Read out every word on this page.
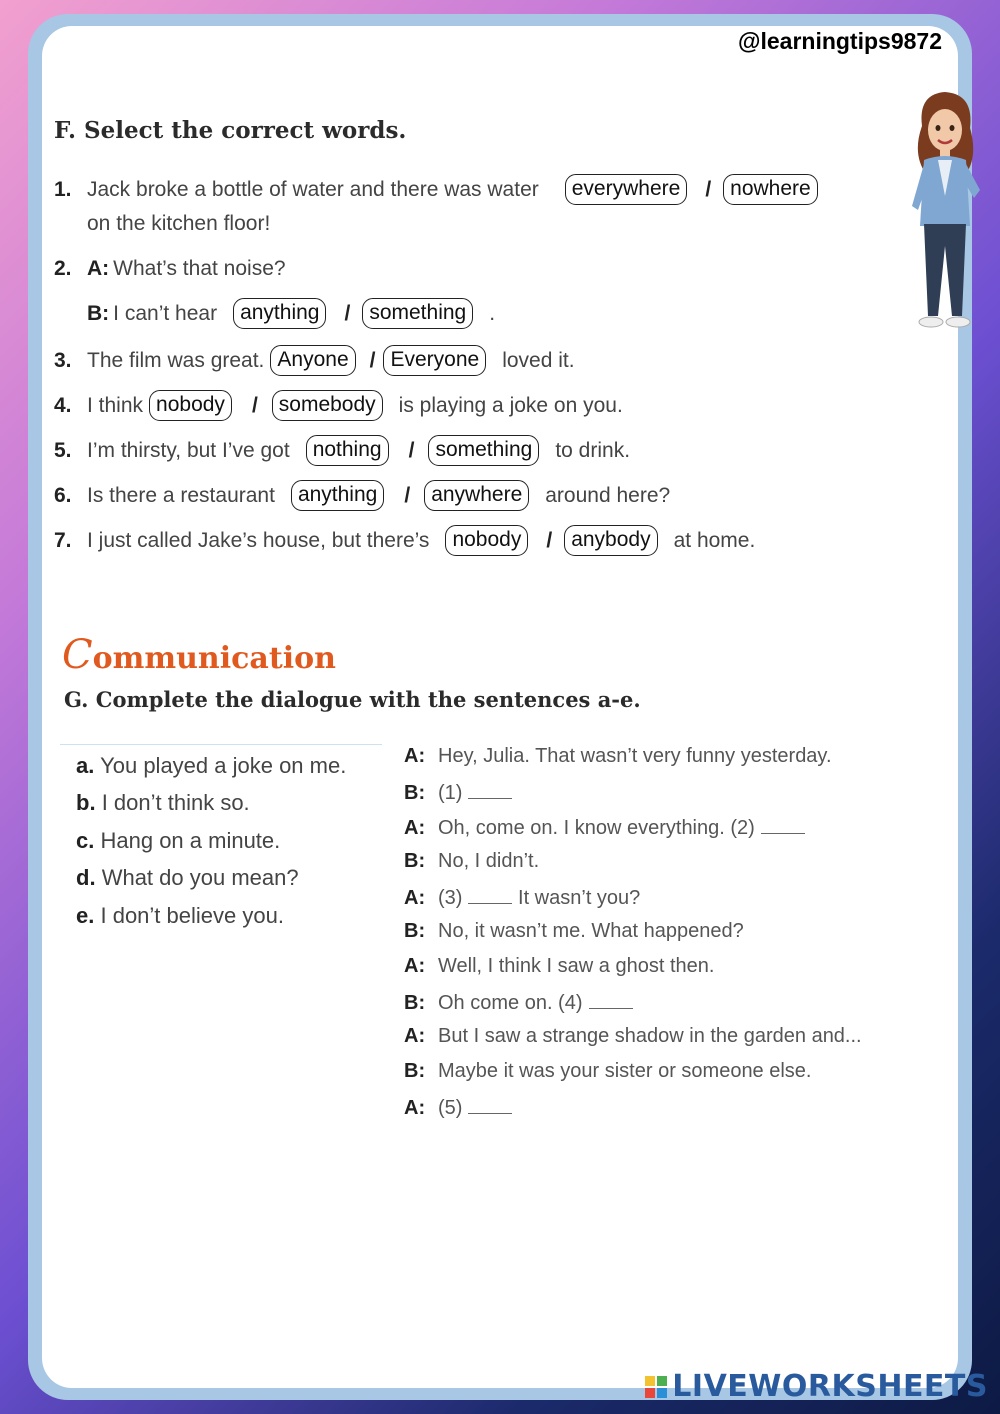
@learningtips9872
F. Select the correct words.
1. Jack broke a bottle of water and there was water	everywhere	/ nowhere
on the kitchen floor!
2. A: What’s that noise?
B: I can’t hear	anything	/ something	.
3. The film was great. Anyone	/ Everyone	loved it.
4. I think nobody	/	somebody	is playing a joke on you.
5. I’m thirsty, but I’ve got	nothing	/	something	to drink.
6. Is there a restaurant	anything	/	anywhere	around here?
7. I just called Jake’s house, but there’s	nobody	/ anybody	at home.
Communication
G. Complete the dialogue with the sentences a-e.
a. You played a joke on me.
b. I don’t think so.
c. Hang on a minute.
d. What do you mean?
e. I don’t believe you.
A: Hey, Julia. That wasn’t very funny yesterday.
B: (1)
A: Oh, come on. I know everything. (2)
B: No, I didn’t.
A: (3)	It wasn’t you?
B: No, it wasn’t me. What happened?
A: Well, I think I saw a ghost then.
B: Oh come on. (4)
A: But I saw a strange shadow in the garden and...
B: Maybe it was your sister or someone else.
A: (5)
LIVEWORKSHEETS
